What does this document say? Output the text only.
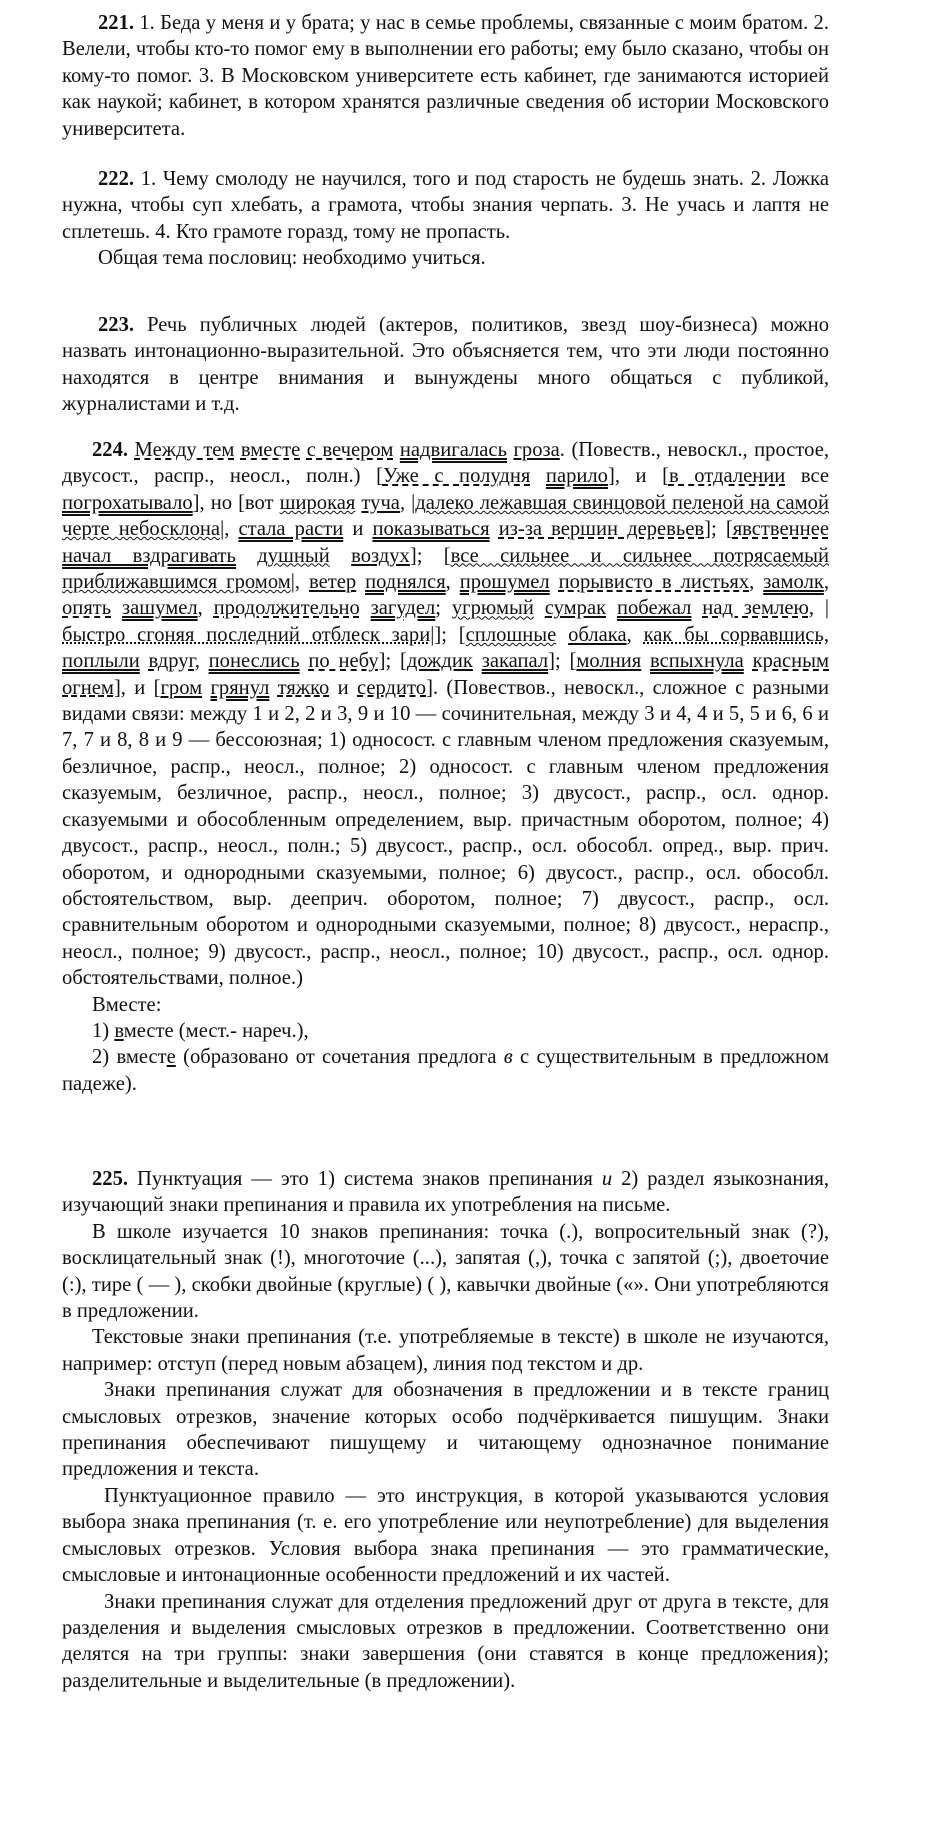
221. 1. Беда у меня и у брата; у нас в семье проблемы, связанные с моим братом. 2. Велели, чтобы кто-то помог ему в выполнении его работы; ему было сказано, чтобы он кому-то помог. 3. В Московском университете есть кабинет, где занимаются историей как наукой; кабинет, в котором хранятся различные сведения об истории Московского университета.

222. 1. Чему смолоду не научился, того и под старость не будешь знать. 2. Ложка нужна, чтобы суп хлебать, а грамота, чтобы знания черпать. 3. Не учась и лаптя не сплетешь. 4. Кто грамоте горазд, тому не пропасть.

Общая тема пословиц: необходимо учиться.

223. Речь публичных людей (актеров, политиков, звезд шоу-бизнеса) можно назвать интонационно-выразительной. Это объясняется тем, что эти люди постоянно находятся в центре внимания и вынуждены много общаться с публикой, журналистами и т.д.

224. Между тем вместе с вечером надвигалась гроза. (Повеств., невоскл., простое, двусост., распр., неосл., полн.) [Уже с полудня парило], и [в отдалении все погрохатывало], но [вот широкая туча, |далеко лежавшая свинцовой пеленой на самой черте небосклона|, стала расти и показываться из-за вершин деревьев]; [явственнее начал вздрагивать душный воздух]; [все сильнее и сильнее потрясаемый приближавшимся громом|, ветер поднялся, прошумел порывисто в листьях, замолк, опять зашумел, продолжительно загудел; угрюмый сумрак побежал над землею, |быстро сгоняя последний отблеск зари|]; [сплошные облака, как бы сорвавшись, поплыли вдруг, понеслись по небу]; [дождик закапал]; [молния вспыхнула красным огнем], и [гром грянул тяжко и сердито]. (Повествов., невоскл., сложное с разными видами связи: между 1 и 2, 2 и 3, 9 и 10 — сочинительная, между 3 и 4, 4 и 5, 5 и 6, 6 и 7, 7 и 8, 8 и 9 — бессоюзная; 1) односост. с главным членом предложения сказуемым, безличное, распр., неосл., полное; 2) односост. с главным членом предложения сказуемым, безличное, распр., неосл., полное; 3) двусост., распр., осл. однор. сказуемыми и обособленным определением, выр. причастным оборотом, полное; 4) двусост., распр., неосл., полн.; 5) двусост., распр., осл. обособл. опред., выр. прич. оборотом, и однородными сказуемыми, полное; 6) двусост., распр., осл. обособл. обстоятельством, выр. дееприч. оборотом, полное; 7) двусост., распр., осл. сравнительным оборотом и однородными сказуемыми, полное; 8) двусост., нераспр., неосл., полное; 9) двусост., распр., неосл., полное; 10) двусост., распр., осл. однор. обстоятельствами, полное.)

Вместе:

1) вместе (мест.- нареч.),

2) вместе (образовано от сочетания предлога в с существительным в предложном падеже).

225. Пунктуация — это 1) система знаков препинания и 2) раздел языкознания, изучающий знаки препинания и правила их употребления на письме.

В школе изучается 10 знаков препинания: точка (.), вопросительный знак (?), восклицательный знак (!), многоточие (...), запятая (,), точка с запятой (;), двоеточие (:), тире ( — ), скобки двойные (круглые) ( ), кавычки двойные («». Они употребляются в предложении.

Текстовые знаки препинания (т.е. употребляемые в тексте) в школе не изучаются, например: отступ (перед новым абзацем), линия под текстом и др.

Знаки препинания служат для обозначения в предложении и в тексте границ смысловых отрезков, значение которых особо подчёркивается пишущим. Знаки препинания обеспечивают пишущему и читающему однозначное понимание предложения и текста.

Пунктуационное правило — это инструкция, в которой указываются условия выбора знака препинания (т. е. его употребление или неупотребление) для выделения смысловых отрезков. Условия выбора знака препинания — это грамматические, смысловые и интонационные особенности предложений и их частей.

Знаки препинания служат для отделения предложений друг от друга в тексте, для разделения и выделения смысловых отрезков в предложении. Соответственно они делятся на три группы: знаки завершения (они ставятся в конце предложения); разделительные и выделительные (в предложении).
